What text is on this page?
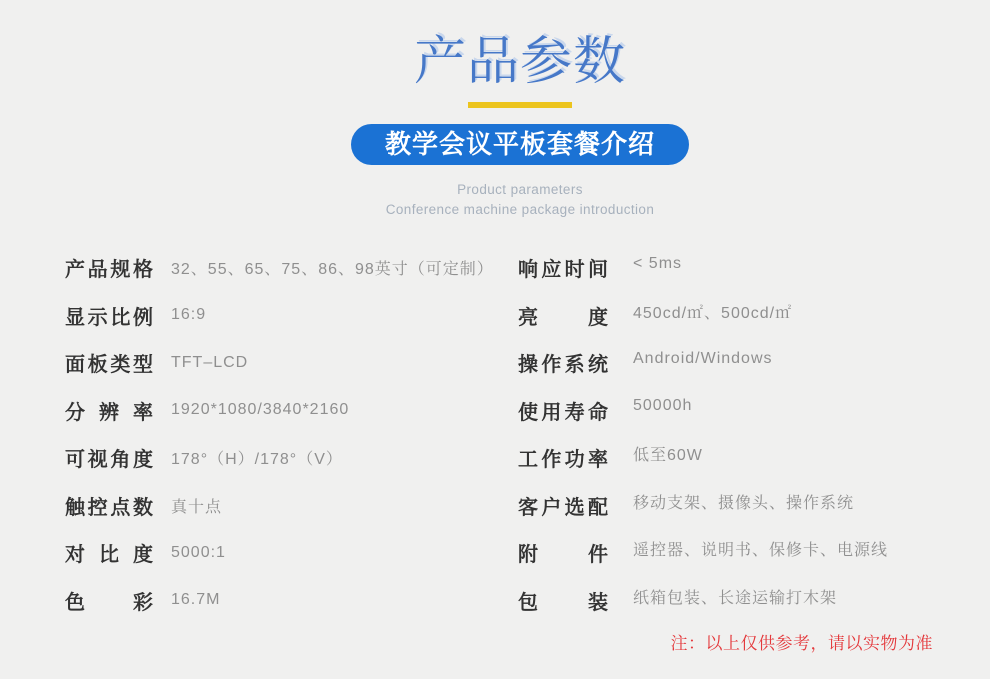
产品参数
教学会议平板套餐介绍
Product parameters
Conference machine package introduction
产品规格 32、55、65、75、86、98英寸（可定制）
显示比例 16:9
面板类型 TFT–LCD
分辨率 1920*1080/3840*2160
可视角度 178°（H）/178°（V）
触控点数 真十点
对比度 5000:1
色彩 16.7M
响应时间 < 5ms
亮度 450cd/㎡、500cd/㎡
操作系统 Android/Windows
使用寿命 50000h
工作功率 低至60W
客户选配 移动支架、摄像头、操作系统
附件 遥控器、说明书、保修卡、电源线
包装 纸箱包装、长途运输打木架
注：以上仅供参考，请以实物为准
